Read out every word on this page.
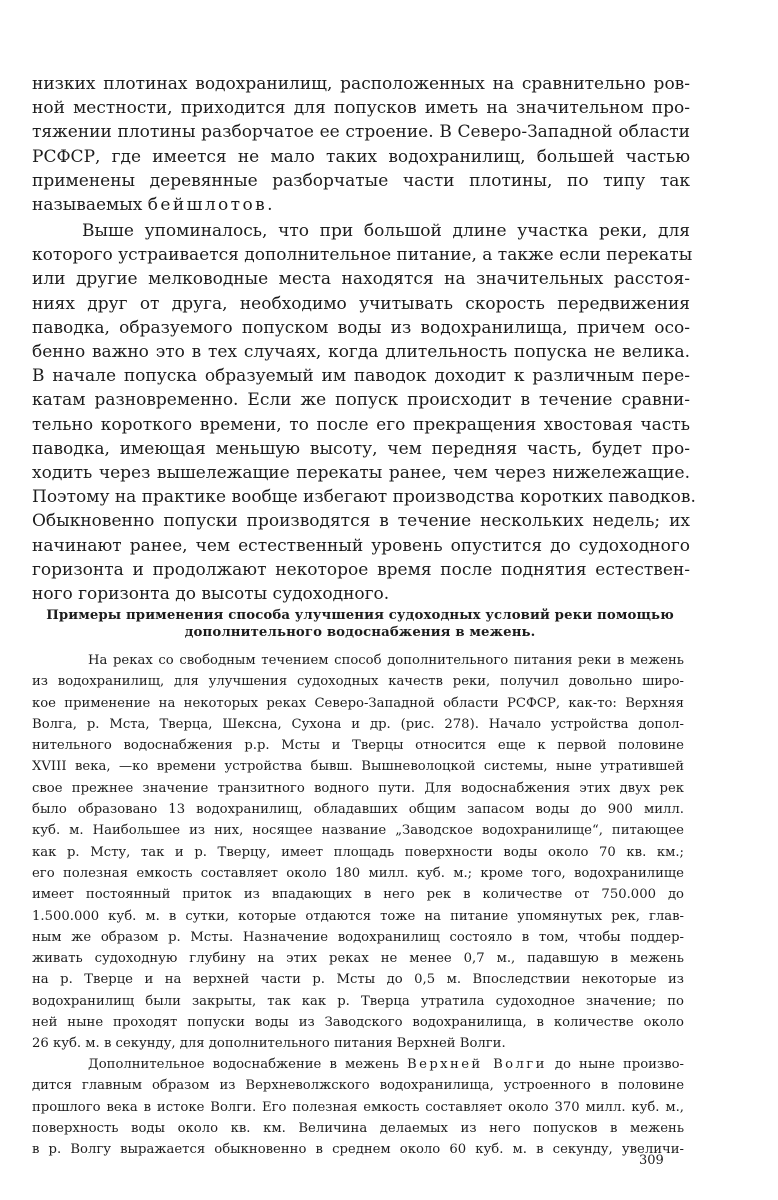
низких плотинах водохранилищ, расположенных на сравнительно ров-
ной местности, приходится для попусков иметь на значительном про-
тяжении плотины разборчатое ее строение. В Северо-Западной области
РСФСР, где имеется не мало таких водохранилищ, большей частью
применены деревянные разборчатые части плотины, по типу так
называемых бейшлотов.
Выше упоминалось, что при большой длине участка реки, для
которого устраивается дополнительное питание, а также если перекаты
или другие мелководные места находятся на значительных расстоя-
ниях друг от друга, необходимо учитывать скорость передвижения
паводка, образуемого попуском воды из водохранилища, причем осо-
бенно важно это в тех случаях, когда длительность попуска не велика.
В начале попуска образуемый им паводок доходит к различным пере-
катам разновременно. Если же попуск происходит в течение сравни-
тельно короткого времени, то после его прекращения хвостовая часть
паводка, имеющая меньшую высоту, чем передняя часть, будет про-
ходить через вышележащие перекаты ранее, чем через нижележащие.
Поэтому на практике вообще избегают производства коротких паводков.
Обыкновенно попуски производятся в течение нескольких недель; их
начинают ранее, чем естественный уровень опустится до судоходного
горизонта и продолжают некоторое время после поднятия естествен-
ного горизонта до высоты судоходного.
Примеры применения способа улучшения судоходных условий реки помощью
дополнительного водоснабжения в межень.
На реках со свободным течением способ дополнительного питания реки в межень
из водохранилищ, для улучшения судоходных качеств реки, получил довольно широ-
кое применение на некоторых реках Северо-Западной области РСФСР, как-то: Верхняя
Волга, р. Мста, Тверца, Шексна, Сухона и др. (рис. 278). Начало устройства допол-
нительного водоснабжения р.р. Мсты и Тверцы относится еще к первой половине
XVIII века, —ко времени устройства бывш. Вышневолоцкой системы, ныне утратившей
свое прежнее значение транзитного водного пути. Для водоснабжения этих двух рек
было образовано 13 водохранилищ, обладавших общим запасом воды до 900 милл.
куб. м. Наибольшее из них, носящее название „Заводское водохранилище“, питающее
как р. Мсту, так и р. Тверцу, имеет площадь поверхности воды около 70 кв. км.;
его полезная емкость составляет около 180 милл. куб. м.; кроме того, водохранилище
имеет постоянный приток из впадающих в него рек в количестве от 750.000 до
1.500.000 куб. м. в сутки, которые отдаются тоже на питание упомянутых рек, глав-
ным же образом р. Мсты. Назначение водохранилищ состояло в том, чтобы поддер-
живать судоходную глубину на этих реках не менее 0,7 м., падавшую в межень
на р. Тверце и на верхней части р. Мсты до 0,5 м. Впоследствии некоторые из
водохранилищ были закрыты, так как р. Тверца утратила судоходное значение; по
ней ныне проходят попуски воды из Заводского водохранилища, в количестве около
26 куб. м. в секунду, для дополнительного питания Верхней Волги.
Дополнительное водоснабжение в межень Верхней Волги до ныне произво-
дится главным образом из Верхневолжского водохранилища, устроенного в половине
прошлого века в истоке Волги. Его полезная емкость составляет около 370 милл. куб. м.,
поверхность воды около кв. км. Величина делаемых из него попусков в межень
в р. Волгу выражается обыкновенно в среднем около 60 куб. м. в секунду, увеличи-
309
